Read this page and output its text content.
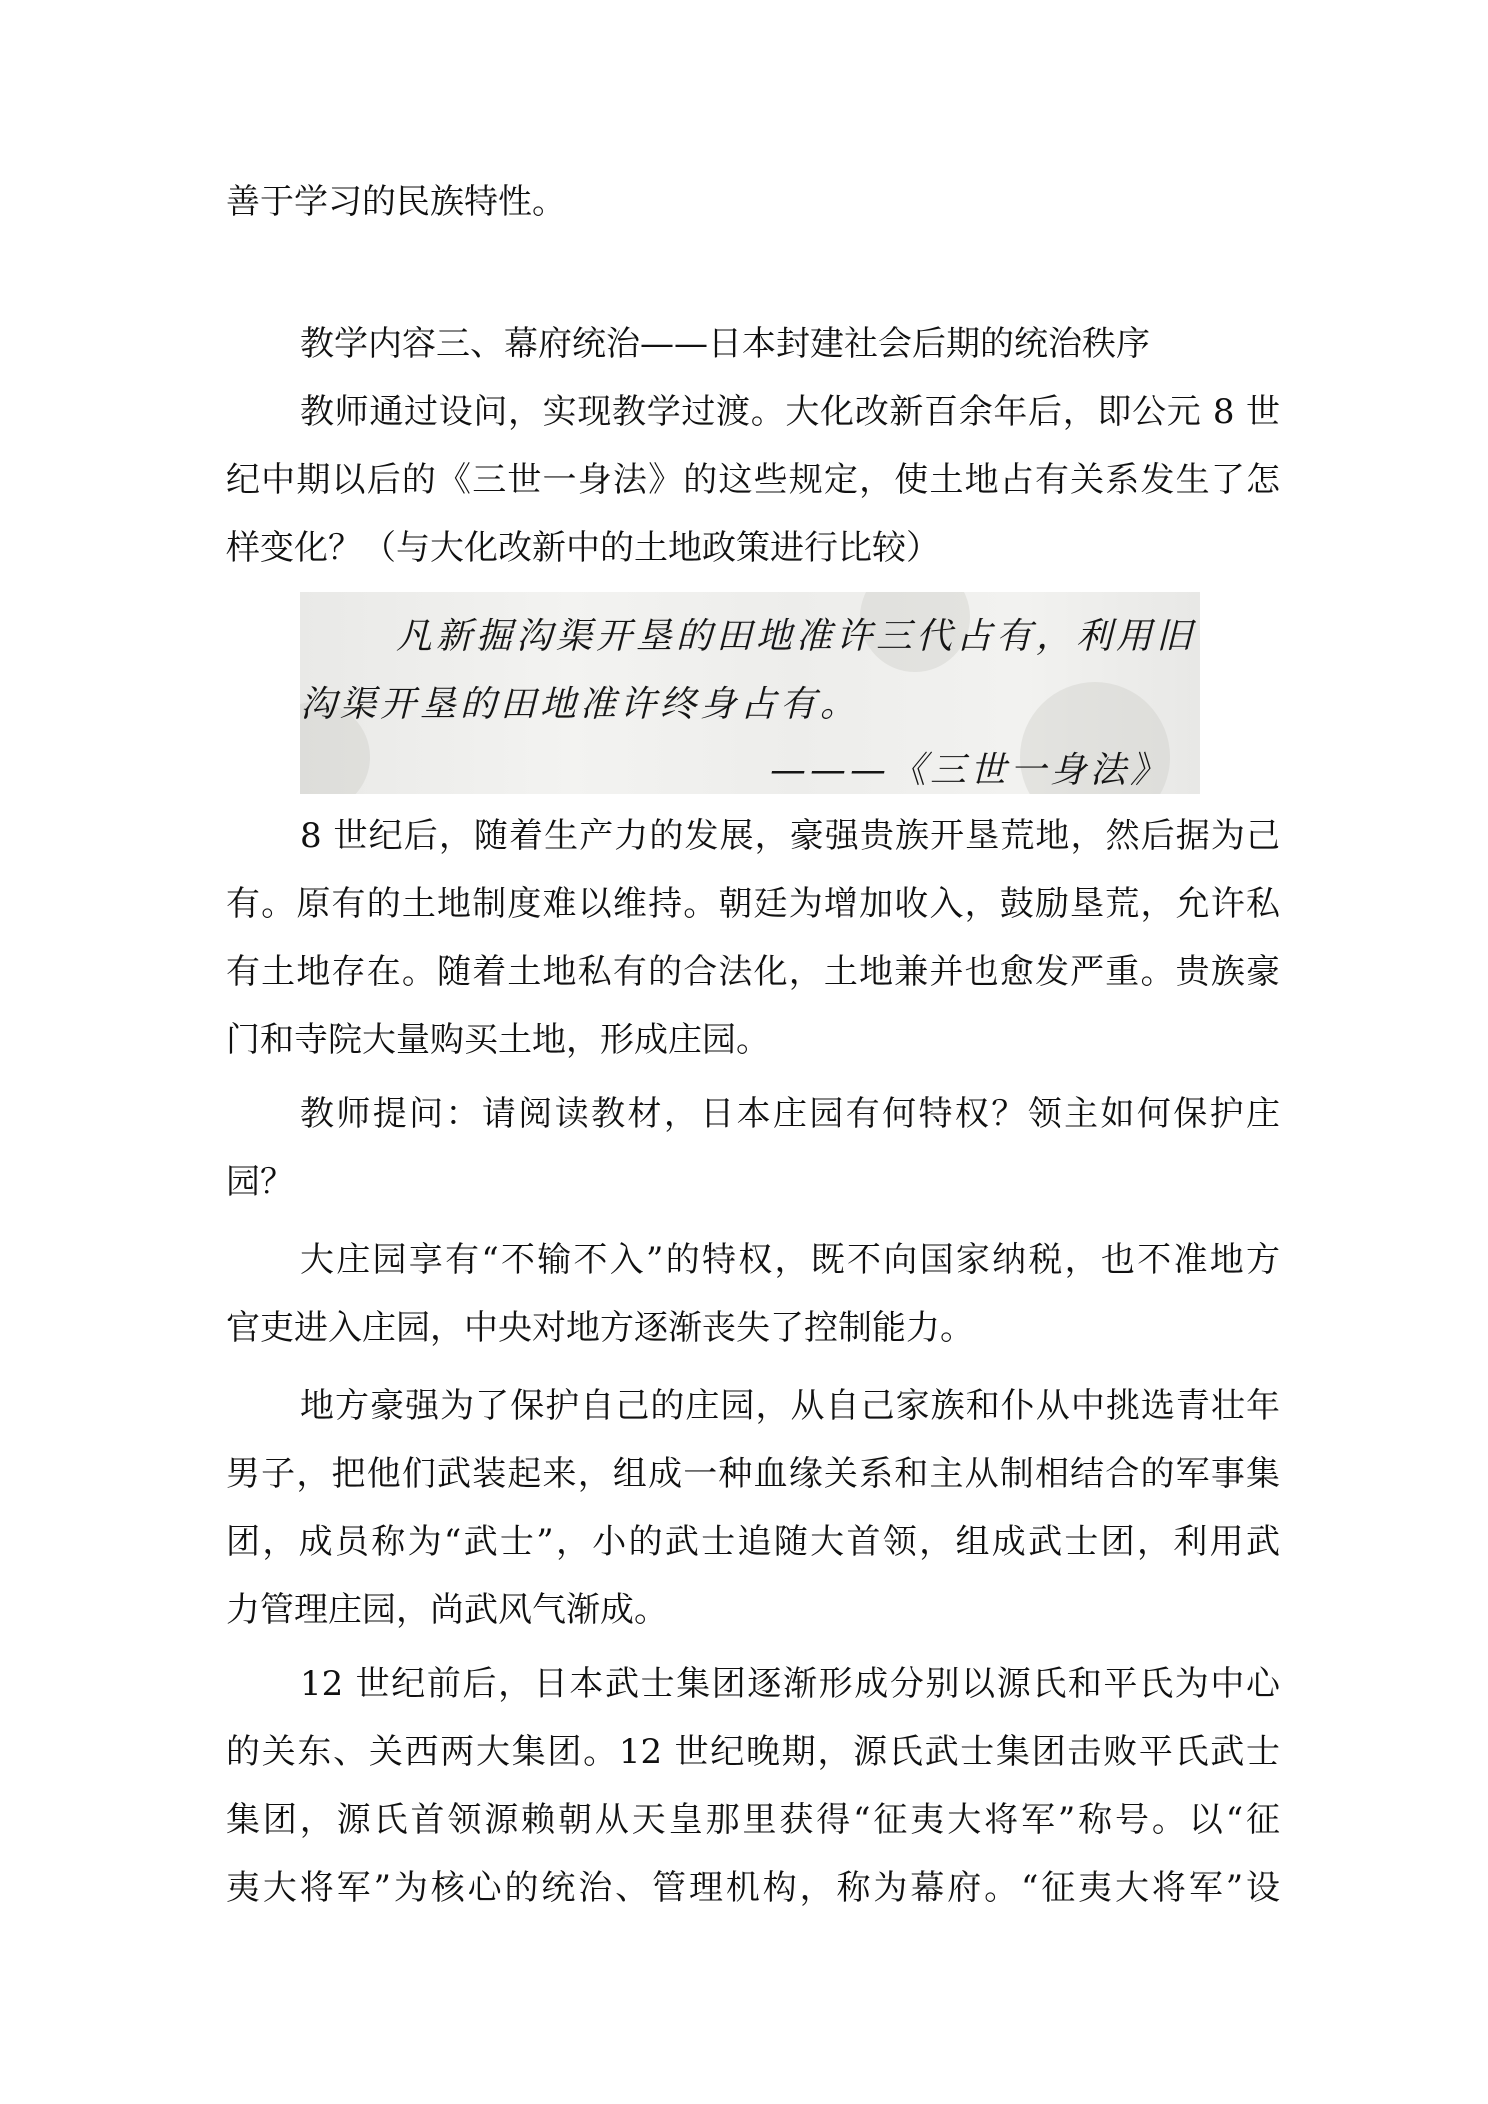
善于学习的民族特性。
教学内容三、幕府统治——日本封建社会后期的统治秩序
教师通过设问，实现教学过渡。大化改新百余年后，即公元 8 世
纪中期以后的《三世一身法》的这些规定，使土地占有关系发生了怎
样变化？（与大化改新中的土地政策进行比较）
凡新掘沟渠开垦的田地准许三代占有，利用旧
沟渠开垦的田地准许终身占有。
———《三世一身法》
8 世纪后，随着生产力的发展，豪强贵族开垦荒地，然后据为己
有。原有的土地制度难以维持。朝廷为增加收入，鼓励垦荒，允许私
有土地存在。随着土地私有的合法化，土地兼并也愈发严重。贵族豪
门和寺院大量购买土地，形成庄园。
教师提问：请阅读教材，日本庄园有何特权？领主如何保护庄
园？
大庄园享有“不输不入”的特权，既不向国家纳税，也不准地方
官吏进入庄园，中央对地方逐渐丧失了控制能力。
地方豪强为了保护自己的庄园，从自己家族和仆从中挑选青壮年
男子，把他们武装起来，组成一种血缘关系和主从制相结合的军事集
团，成员称为“武士”，小的武士追随大首领，组成武士团，利用武
力管理庄园，尚武风气渐成。
12 世纪前后，日本武士集团逐渐形成分别以源氏和平氏为中心
的关东、关西两大集团。12 世纪晚期，源氏武士集团击败平氏武士
集团，源氏首领源赖朝从天皇那里获得“征夷大将军”称号。以“征
夷大将军”为核心的统治、管理机构，称为幕府。“征夷大将军”设
